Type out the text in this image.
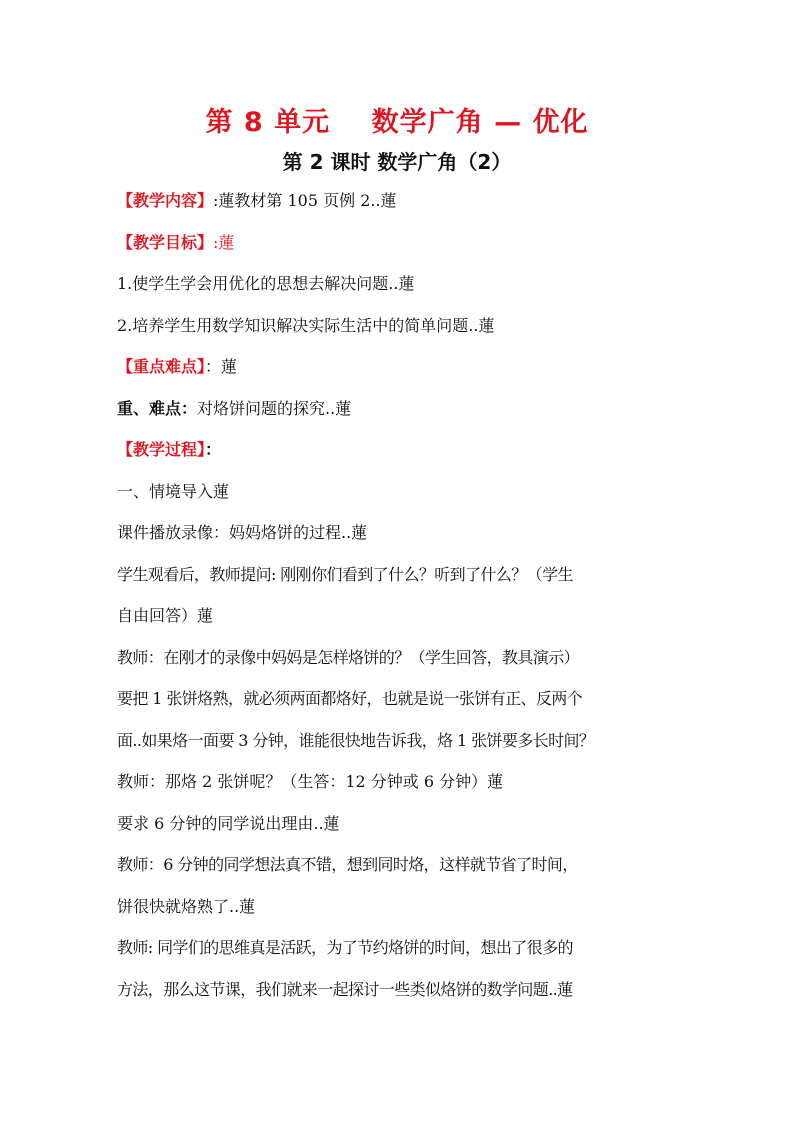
第 8 单元    数学广角 — 优化
第 2 课时 数学广角（2）
【教学内容】:蓮教材第 105 页例 2..蓮
【教学目标】:蓮
1.使学生学会用优化的思想去解决问题..蓮
2.培养学生用数学知识解决实际生活中的简单问题..蓮
【重点难点】：蓮
重、难点：对烙饼问题的探究..蓮
【教学过程】：
一、情境导入蓮
课件播放录像：妈妈烙饼的过程..蓮
学生观看后，教师提问: 刚刚你们看到了什么？听到了什么？（学生
自由回答）蓮
教师：在刚才的录像中妈妈是怎样烙饼的？（学生回答，教具演示）
要把 1 张饼烙熟，就必须两面都烙好，也就是说一张饼有正、反两个
面..如果烙一面要 3 分钟，谁能很快地告诉我，烙 1 张饼要多长时间？
教师：那烙 2 张饼呢？（生答：12 分钟或 6 分钟）蓮
要求 6 分钟的同学说出理由..蓮
教师：6 分钟的同学想法真不错，想到同时烙，这样就节省了时间，
饼很快就烙熟了..蓮
教师: 同学们的思维真是活跃，为了节约烙饼的时间，想出了很多的
方法，那么这节课，我们就来一起探讨一些类似烙饼的数学问题..蓮
